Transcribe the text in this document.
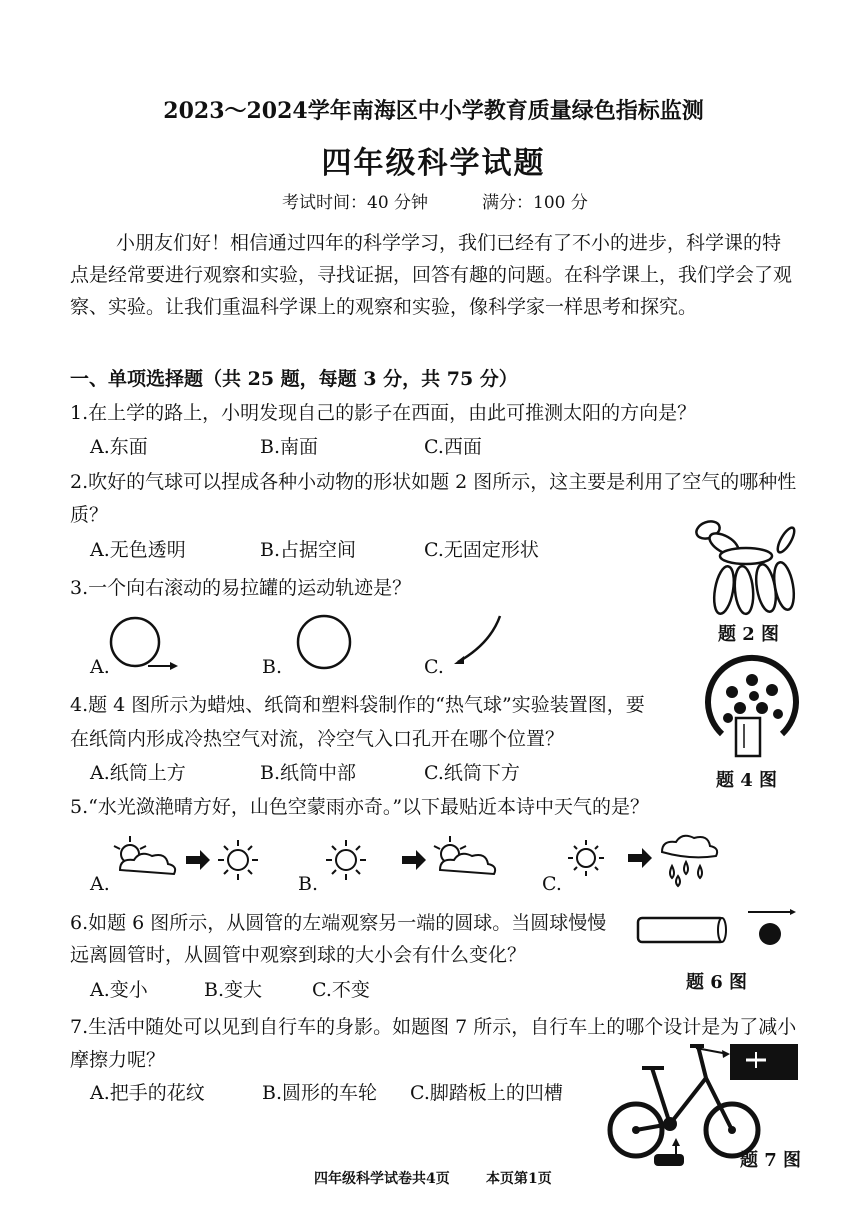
2023～2024学年南海区中小学教育质量绿色指标监测
四年级科学试题
考试时间：40 分钟	满分：100 分
小朋友们好！相信通过四年的科学学习，我们已经有了不小的进步，科学课的特
点是经常要进行观察和实验，寻找证据，回答有趣的问题。在科学课上，我们学会了观
察、实验。让我们重温科学课上的观察和实验，像科学家一样思考和探究。
一、单项选择题（共 25 题，每题 3 分，共 75 分）
1.在上学的路上，小明发现自己的影子在西面，由此可推测太阳的方向是？
A.东面	B.南面	C.西面
2.吹好的气球可以捏成各种小动物的形状如题 2 图所示，这主要是利用了空气的哪种性
质？
A.无色透明	B.占据空间	C.无固定形状
题 2 图
3.一个向右滚动的易拉罐的运动轨迹是？
A.	B.	C.
4.题 4 图所示为蜡烛、纸筒和塑料袋制作的“热气球”实验装置图，要
在纸筒内形成冷热空气对流，冷空气入口孔开在哪个位置？
A.纸筒上方	B.纸筒中部	C.纸筒下方	题 4 图
5.“水光潋滟晴方好，山色空蒙雨亦奇。”以下最贴近本诗中天气的是？
A.	B.	C.
6.如题 6 图所示，从圆管的左端观察另一端的圆球。当圆球慢慢
远离圆管时，从圆管中观察到球的大小会有什么变化？
A.变小	B.变大	C.不变	题 6 图
7.生活中随处可以见到自行车的身影。如题图 7 所示，自行车上的哪个设计是为了减小
摩擦力呢？
A.把手的花纹	B.圆形的车轮 C.脚踏板上的凹槽
题 7 图
四年级科学试卷共4页	本页第1页
